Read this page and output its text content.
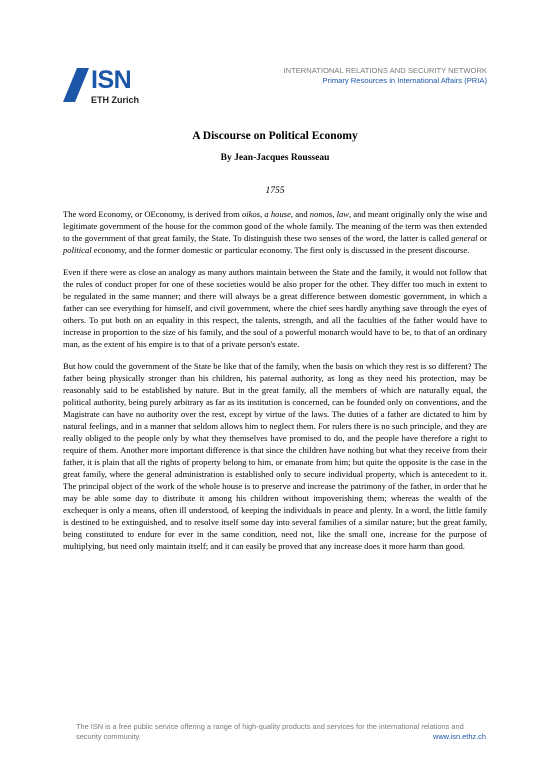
ISN
ETH Zurich
INTERNATIONAL RELATIONS AND SECURITY NETWORK
Primary Resources in International Affairs (PRIA)
A Discourse on Political Economy
By Jean-Jacques Rousseau
1755

The word Economy, or OEconomy, is derived from oikos, a house, and nomos, law, and meant originally only the wise and legitimate government of the house for the common good of the whole family. The meaning of the term was then extended to the government of that great family, the State. To distinguish these two senses of the word, the latter is called general or political economy, and the former domestic or particular economy. The first only is discussed in the present discourse.

Even if there were as close an analogy as many authors maintain between the State and the family, it would not follow that the rules of conduct proper for one of these societies would be also proper for the other. They differ too much in extent to be regulated in the same manner; and there will always be a great difference between domestic government, in which a father can see everything for himself, and civil government, where the chief sees hardly anything save through the eyes of others. To put both on an equality in this respect, the talents, strength, and all the faculties of the father would have to increase in proportion to the size of his family, and the soul of a powerful monarch would have to be, to that of an ordinary man, as the extent of his empire is to that of a private person's estate.

But how could the government of the State be like that of the family, when the basis on which they rest is so different? The father being physically stronger than his children, his paternal authority, as long as they need his protection, may be reasonably said to be established by nature. But in the great family, all the members of which are naturally equal, the political authority, being purely arbitrary as far as its institution is concerned, can be founded only on conventions, and the Magistrate can have no authority over the rest, except by virtue of the laws. The duties of a father are dictated to him by natural feelings, and in a manner that seldom allows him to neglect them. For rulers there is no such principle, and they are really obliged to the people only by what they themselves have promised to do, and the people have therefore a right to require of them. Another more important difference is that since the children have nothing but what they receive from their father, it is plain that all the rights of property belong to him, or emanate from him; but quite the opposite is the case in the great family, where the general administration is established only to secure individual property, which is antecedent to it. The principal object of the work of the whole house is to preserve and increase the patrimony of the father, in order that he may be able some day to distribute it among his children without impoverishing them; whereas the wealth of the exchequer is only a means, often ill understood, of keeping the individuals in peace and plenty. In a word, the little family is destined to be extinguished, and to resolve itself some day into several families of a similar nature; but the great family, being constituted to endure for ever in the same condition, need not, like the small one, increase for the purpose of multiplying, but need only maintain itself; and it can easily be proved that any increase does it more harm than good.

The ISN is a free public service offering a range of high-quality products and services for the international relations and security community.	www.isn.ethz.ch
